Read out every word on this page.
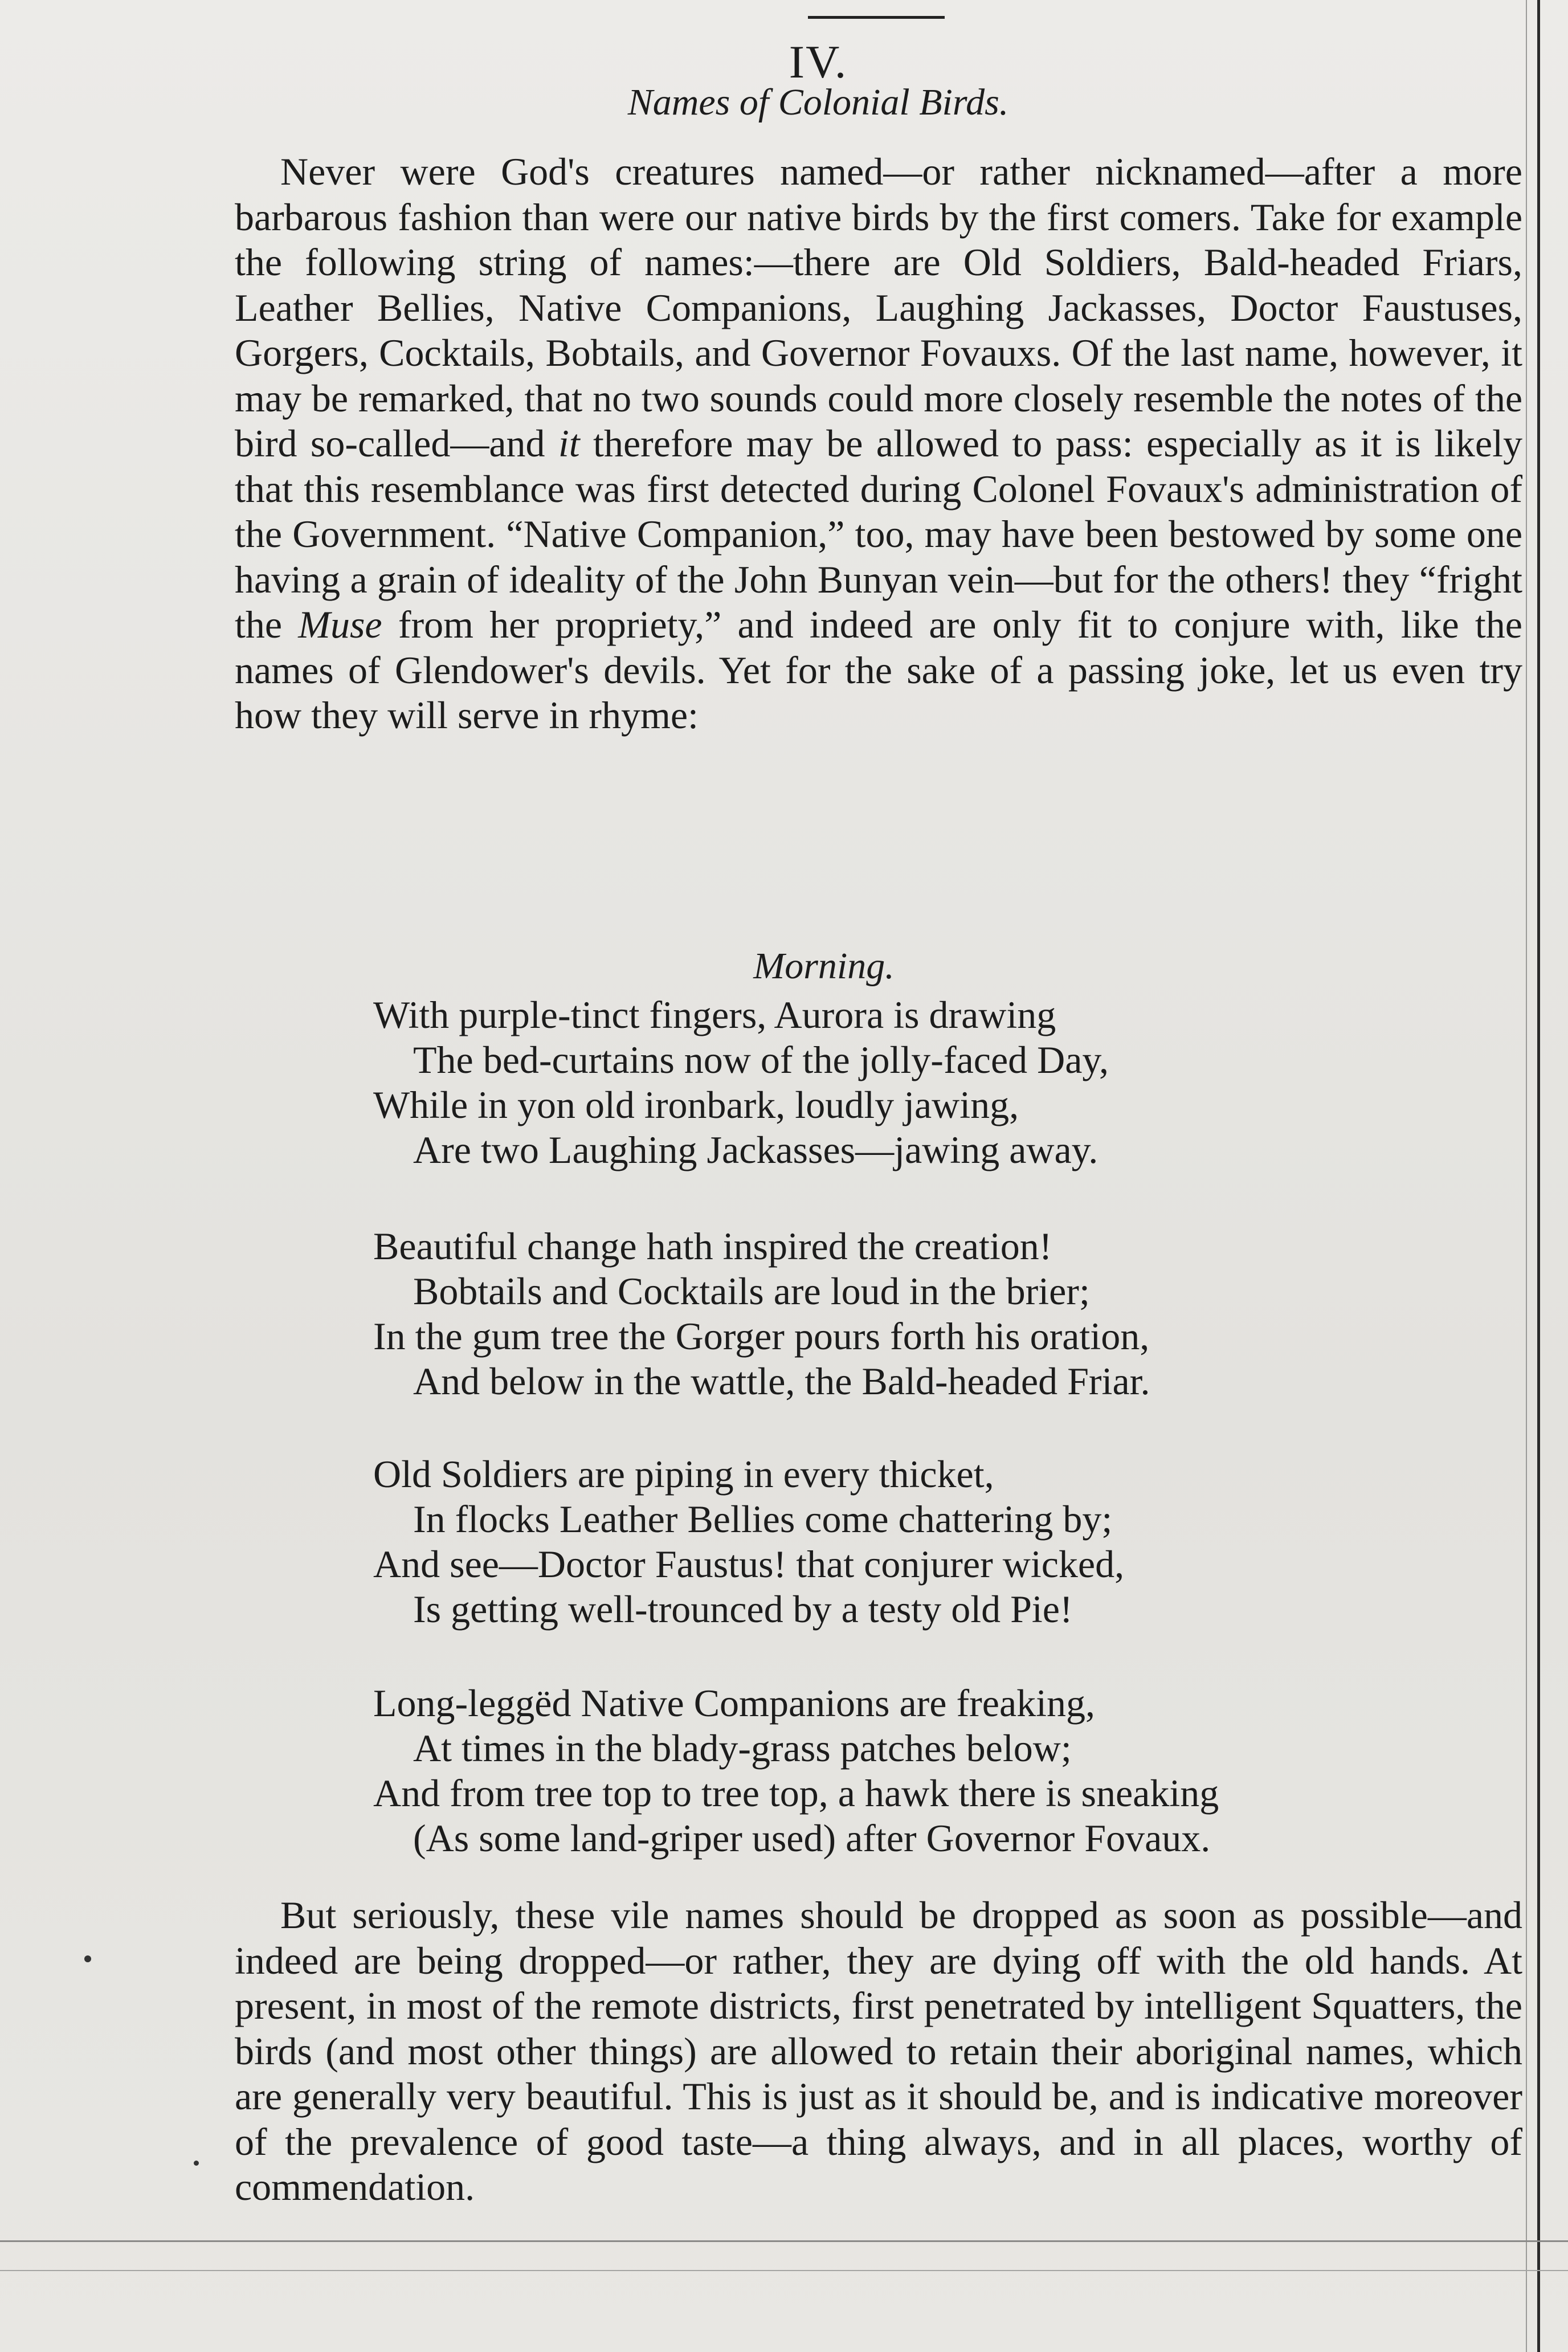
IV.
Names of Colonial Birds.

Never were God's creatures named—or rather nicknamed—after a more barbarous fashion than were our native birds by the first comers. Take for example the following string of names:—there are Old Soldiers, Bald-headed Friars, Leather Bellies, Native Companions, Laughing Jackasses, Doctor Faustuses, Gorgers, Cocktails, Bobtails, and Governor Fovauxs. Of the last name, however, it may be remarked, that no two sounds could more closely resemble the notes of the bird so-called—and it therefore may be allowed to pass: especially as it is likely that this resemblance was first detected during Colonel Fovaux's administration of the Government. “Native Companion,” too, may have been bestowed by some one having a grain of ideality of the John Bunyan vein—but for the others! they “fright the Muse from her propriety,” and indeed are only fit to conjure with, like the names of Glendower's devils. Yet for the sake of a passing joke, let us even try how they will serve in rhyme:

Morning.
With purple-tinct fingers, Aurora is drawing
The bed-curtains now of the jolly-faced Day,
While in yon old ironbark, loudly jawing,
Are two Laughing Jackasses—jawing away.
Beautiful change hath inspired the creation!
Bobtails and Cocktails are loud in the brier;
In the gum tree the Gorger pours forth his oration,
And below in the wattle, the Bald-headed Friar.
Old Soldiers are piping in every thicket,
In flocks Leather Bellies come chattering by;
And see—Doctor Faustus! that conjurer wicked,
Is getting well-trounced by a testy old Pie!
Long-leggëd Native Companions are freaking,
At times in the blady-grass patches below;
And from tree top to tree top, a hawk there is sneaking
(As some land-griper used) after Governor Fovaux.

But seriously, these vile names should be dropped as soon as possible—and indeed are being dropped—or rather, they are dying off with the old hands. At present, in most of the remote districts, first penetrated by intelligent Squatters, the birds (and most other things) are allowed to retain their aboriginal names, which are generally very beautiful. This is just as it should be, and is indicative moreover of the prevalence of good taste—a thing always, and in all places, worthy of commendation.
